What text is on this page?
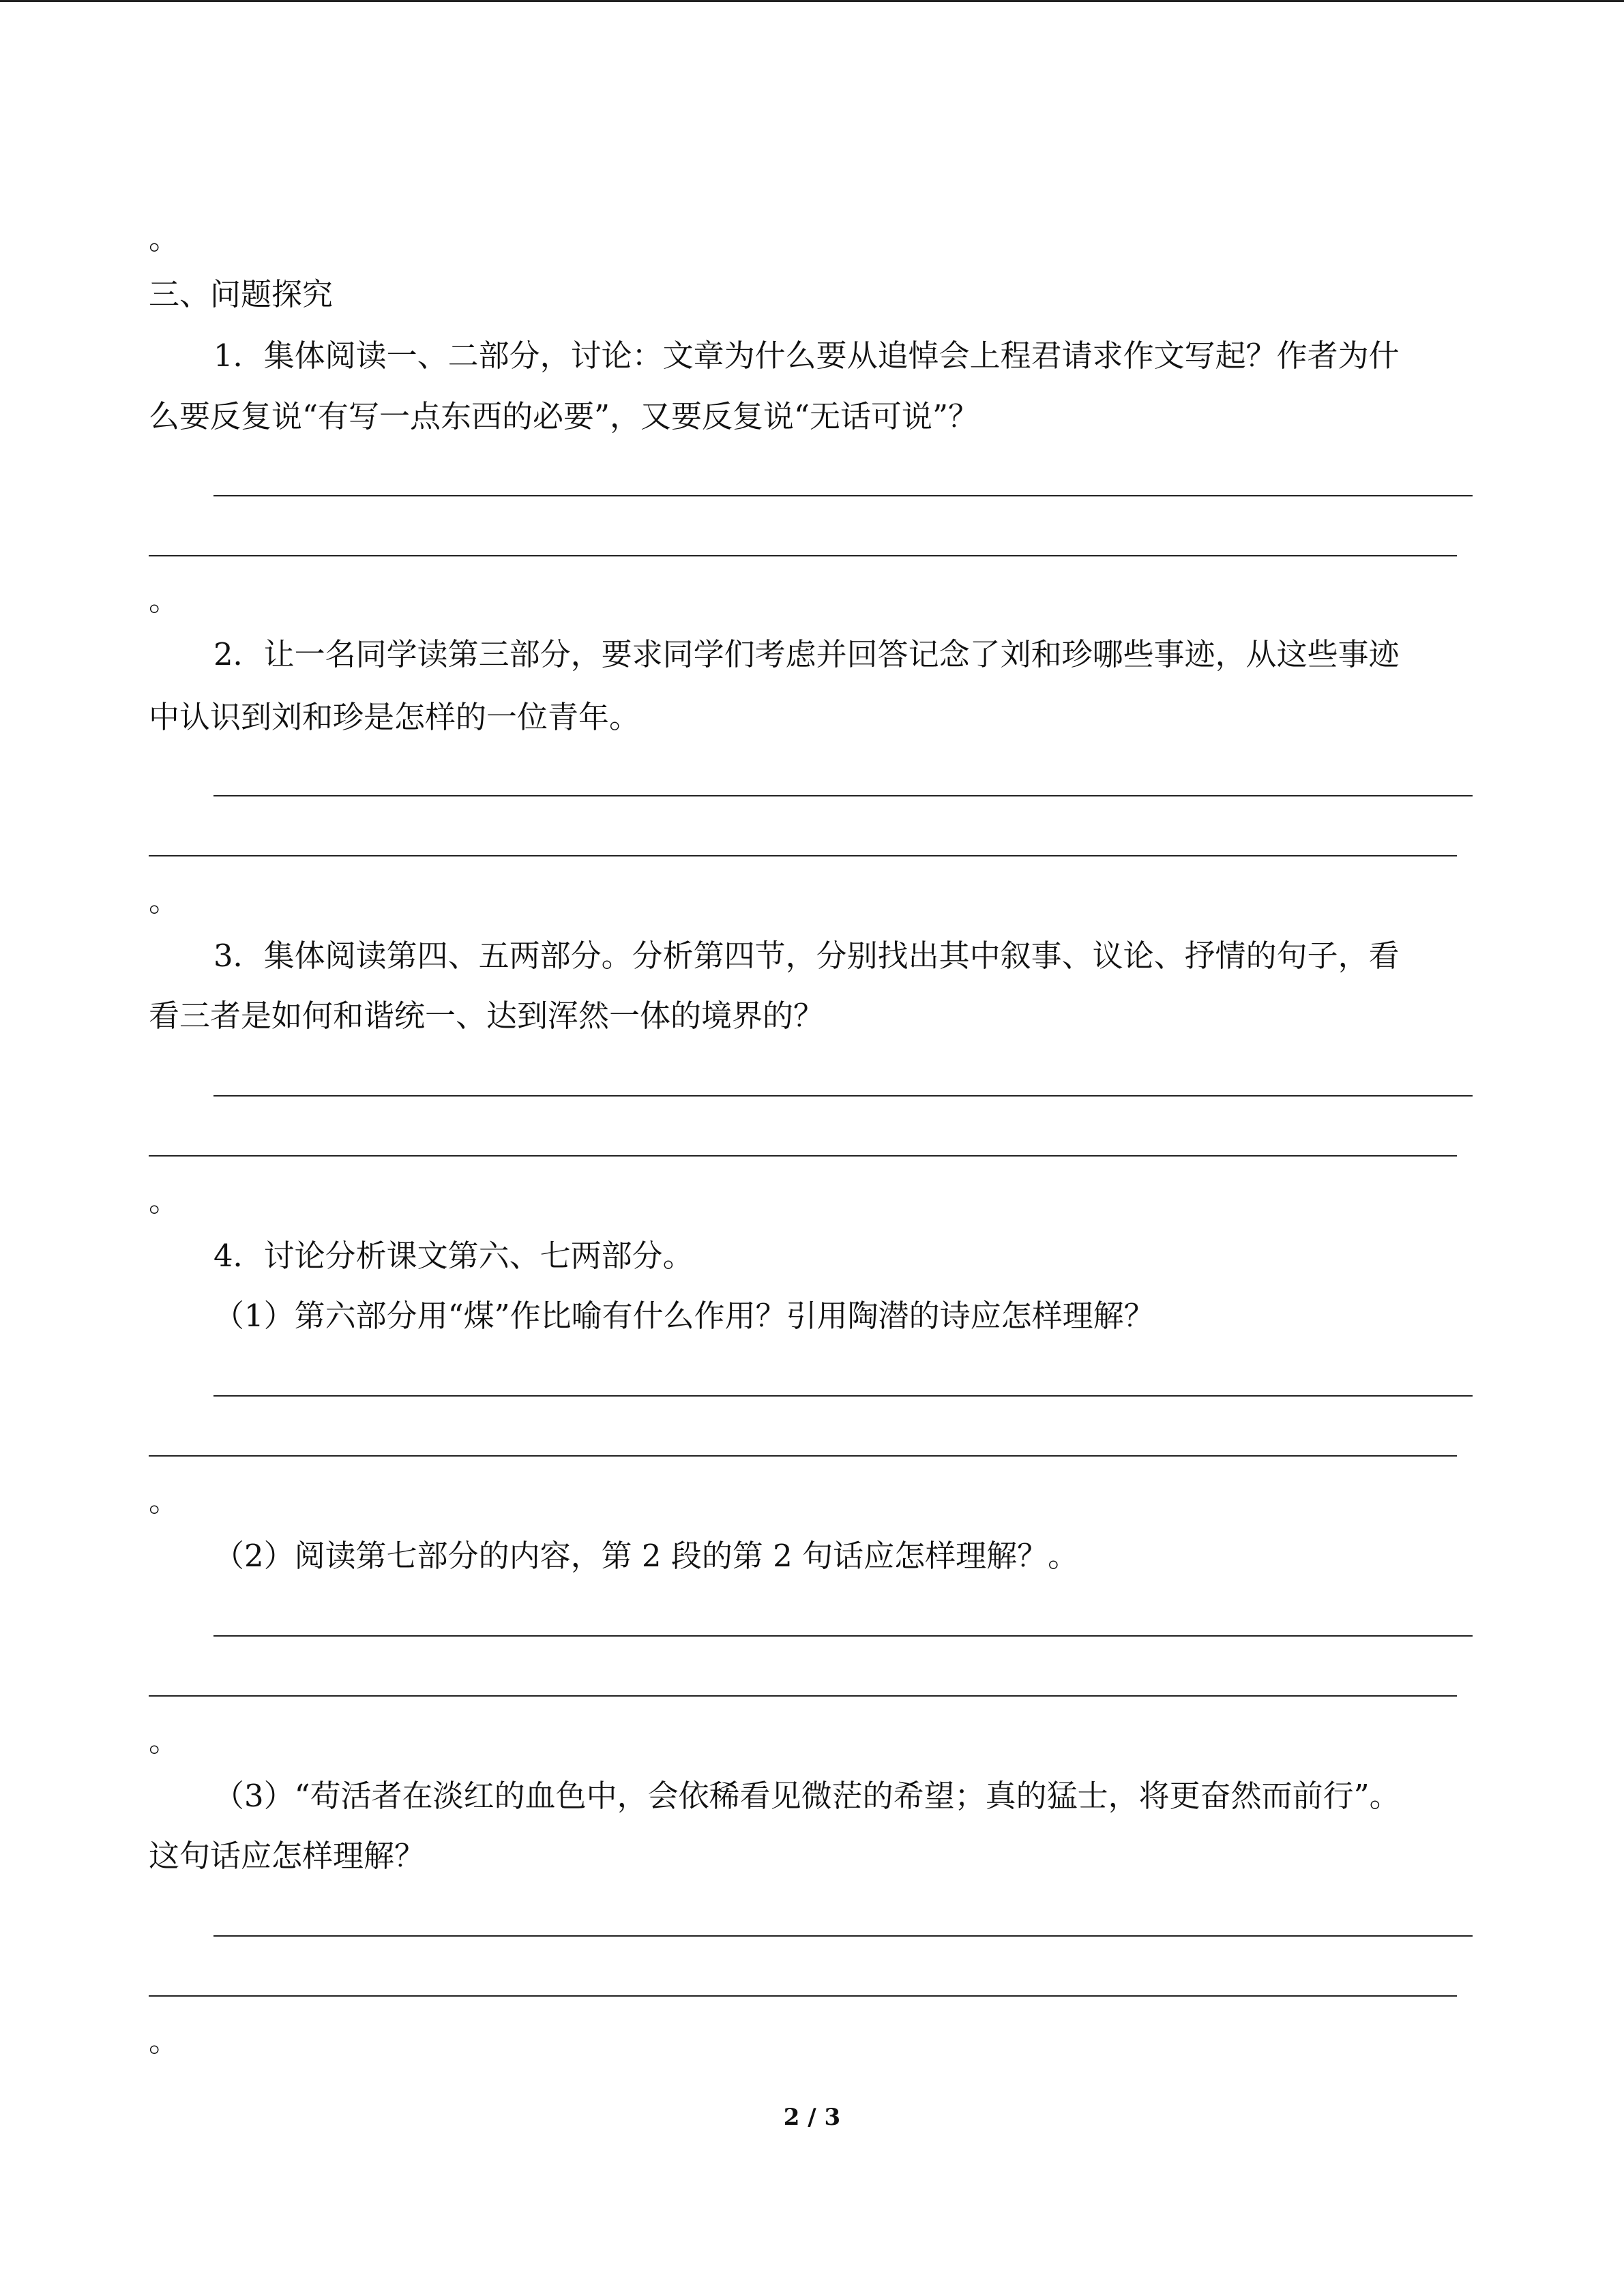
。

三、问题探究

1．集体阅读一、二部分，讨论：文章为什么要从追悼会上程君请求作文写起？作者为什

么要反复说“有写一点东西的必要”，又要反复说“无话可说”？

。

2．让一名同学读第三部分，要求同学们考虑并回答记念了刘和珍哪些事迹，从这些事迹

中认识到刘和珍是怎样的一位青年。

。

3．集体阅读第四、五两部分。分析第四节，分别找出其中叙事、议论、抒情的句子，看

看三者是如何和谐统一、达到浑然一体的境界的？

。

4．讨论分析课文第六、七两部分。

（1）第六部分用“煤”作比喻有什么作用？引用陶潜的诗应怎样理解？

。

（2）阅读第七部分的内容，第 2 段的第 2 句话应怎样理解？。

。

（3）“苟活者在淡红的血色中，会依稀看见微茫的希望；真的猛士，将更奋然而前行”。

这句话应怎样理解？

。
2 / 3
